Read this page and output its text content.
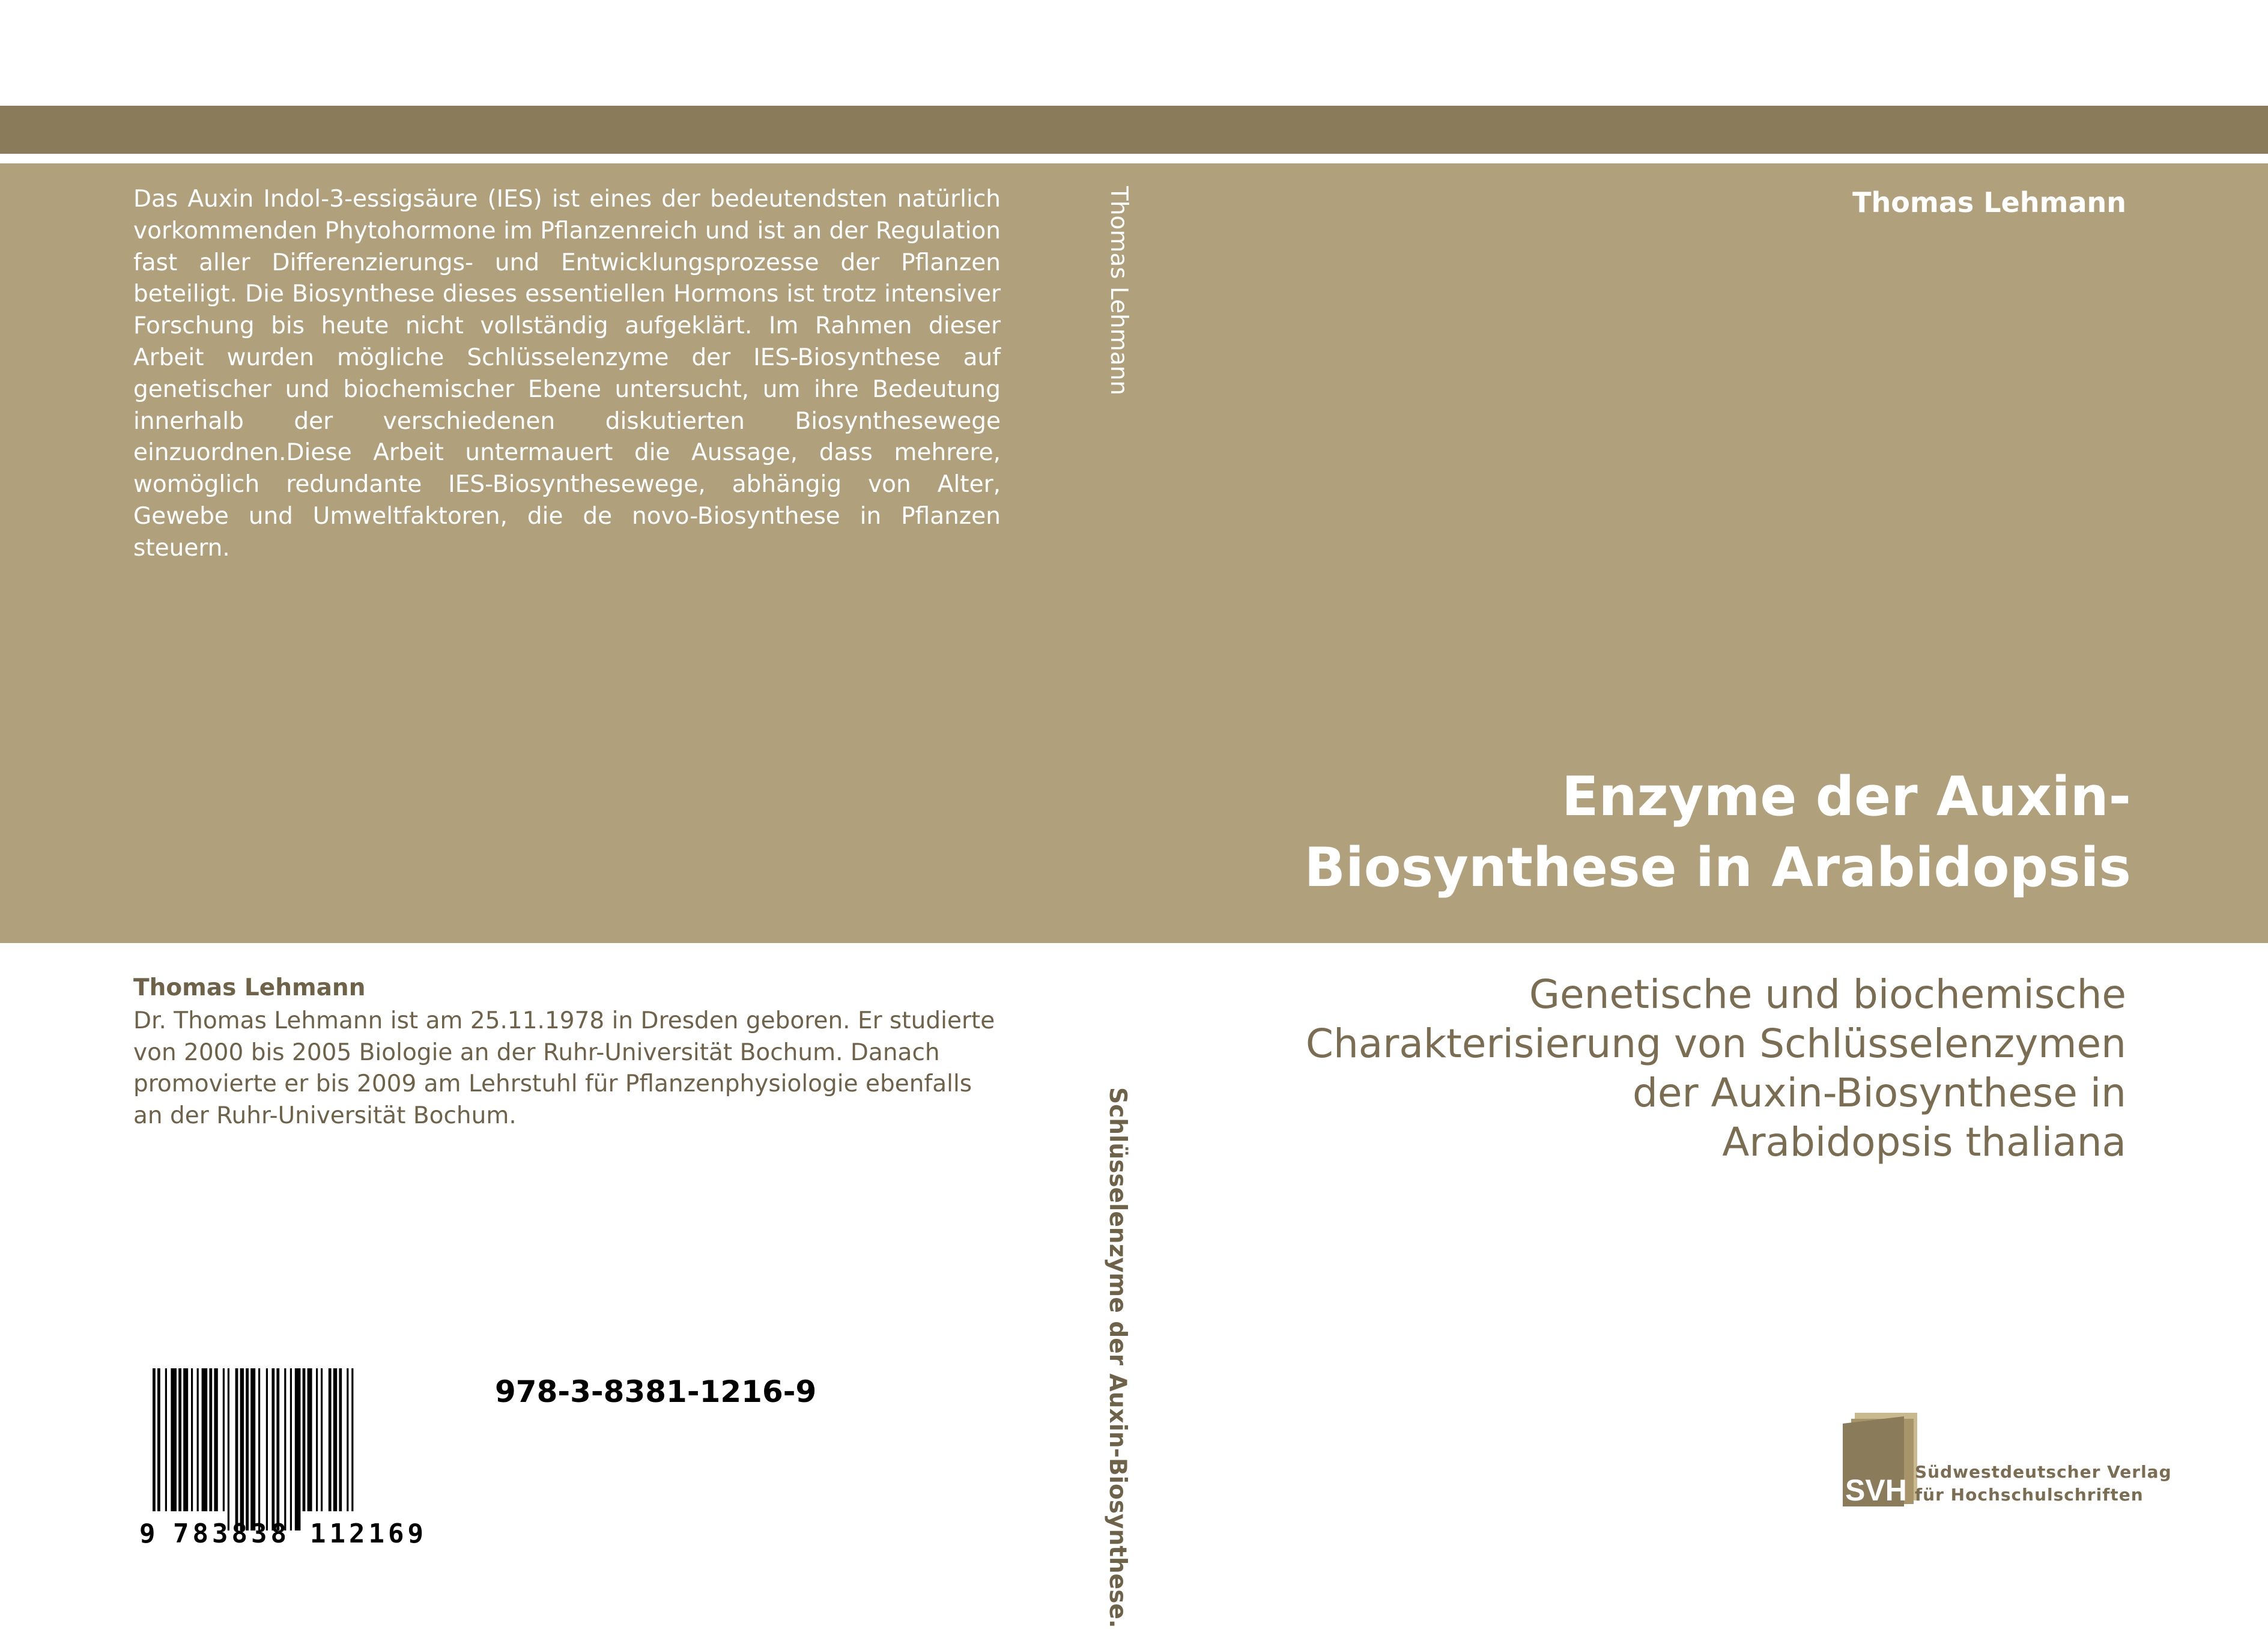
Das Auxin Indol-3-essigsäure (IES) ist eines der bedeutendsten natürlich vorkommenden Phytohormone im Pflanzenreich und ist an der Regulation fast aller Differenzierungs- und Entwicklungsprozesse der Pflanzen beteiligt. Die Biosynthese dieses essentiellen Hormons ist trotz intensiver Forschung bis heute nicht vollständig aufgeklärt. Im Rahmen dieser Arbeit wurden mögliche Schlüsselenzyme der IES-Biosynthese auf genetischer und biochemischer Ebene untersucht, um ihre Bedeutung innerhalb der verschiedenen diskutierten Biosynthesewege einzuordnen.Diese Arbeit untermauert die Aussage, dass mehrere, womöglich redundante IES-Biosynthesewege, abhängig von Alter, Gewebe und Umweltfaktoren, die de novo-Biosynthese in Pflanzen steuern.
Thomas Lehmann
Dr. Thomas Lehmann ist am 25.11.1978 in Dresden geboren. Er studierte von 2000 bis 2005 Biologie an der Ruhr-Universität Bochum. Danach promovierte er bis 2009 am Lehrstuhl für Pflanzenphysiologie ebenfalls an der Ruhr-Universität Bochum.
9 783838 112169
978-3-8381-1216-9
Thomas Lehmann
Schlüsselenzyme der Auxin-Biosynthese.
Thomas Lehmann
Enzyme der Auxin-
Biosynthese in Arabidopsis
Genetische und biochemische
Charakterisierung von Schlüsselenzymen
der Auxin-Biosynthese in
Arabidopsis thaliana
SVH
Südwestdeutscher Verlag
für Hochschulschriften
